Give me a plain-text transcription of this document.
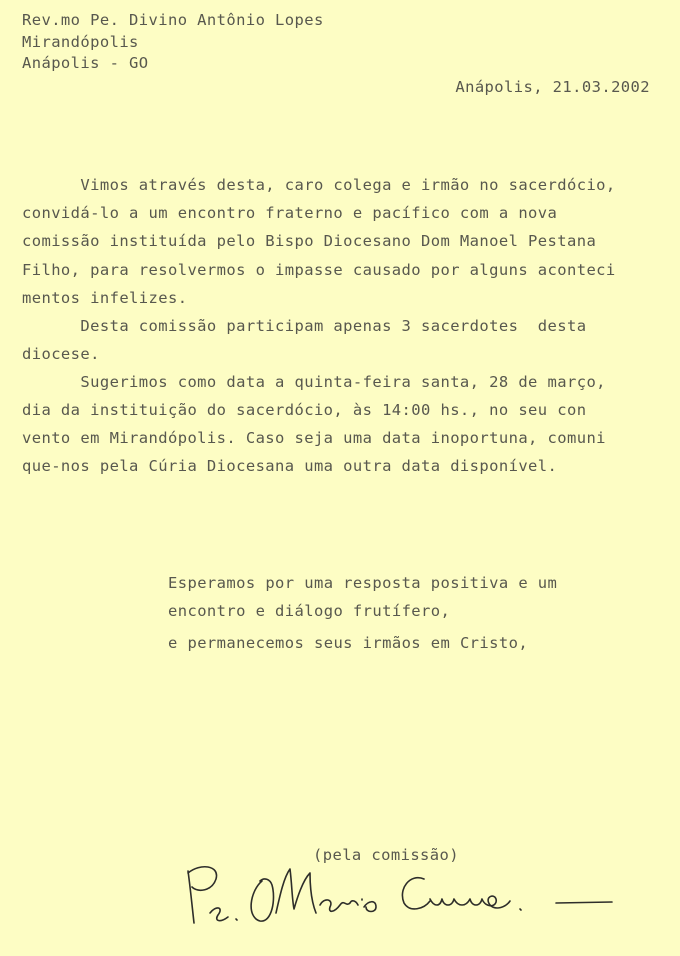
Rev.mo Pe. Divino Antônio Lopes
Mirandópolis
Anápolis - GO
Anápolis, 21.03.2002
Vimos através desta, caro colega e irmão no sacerdócio,
convidá-lo a um encontro fraterno e pacífico com a nova
comissão instituída pelo Bispo Diocesano Dom Manoel Pestana
Filho, para resolvermos o impasse causado por alguns aconteci
mentos infelizes.
Desta comissão participam apenas 3 sacerdotes  desta
diocese.
Sugerimos como data a quinta-feira santa, 28 de março,
dia da instituição do sacerdócio, às 14:00 hs., no seu con
vento em Mirandópolis. Caso seja uma data inoportuna, comuni
que-nos pela Cúria Diocesana uma outra data disponível.
Esperamos por uma resposta positiva e um
encontro e diálogo frutífero,
e permanecemos seus irmãos em Cristo,
(pela comissão)
